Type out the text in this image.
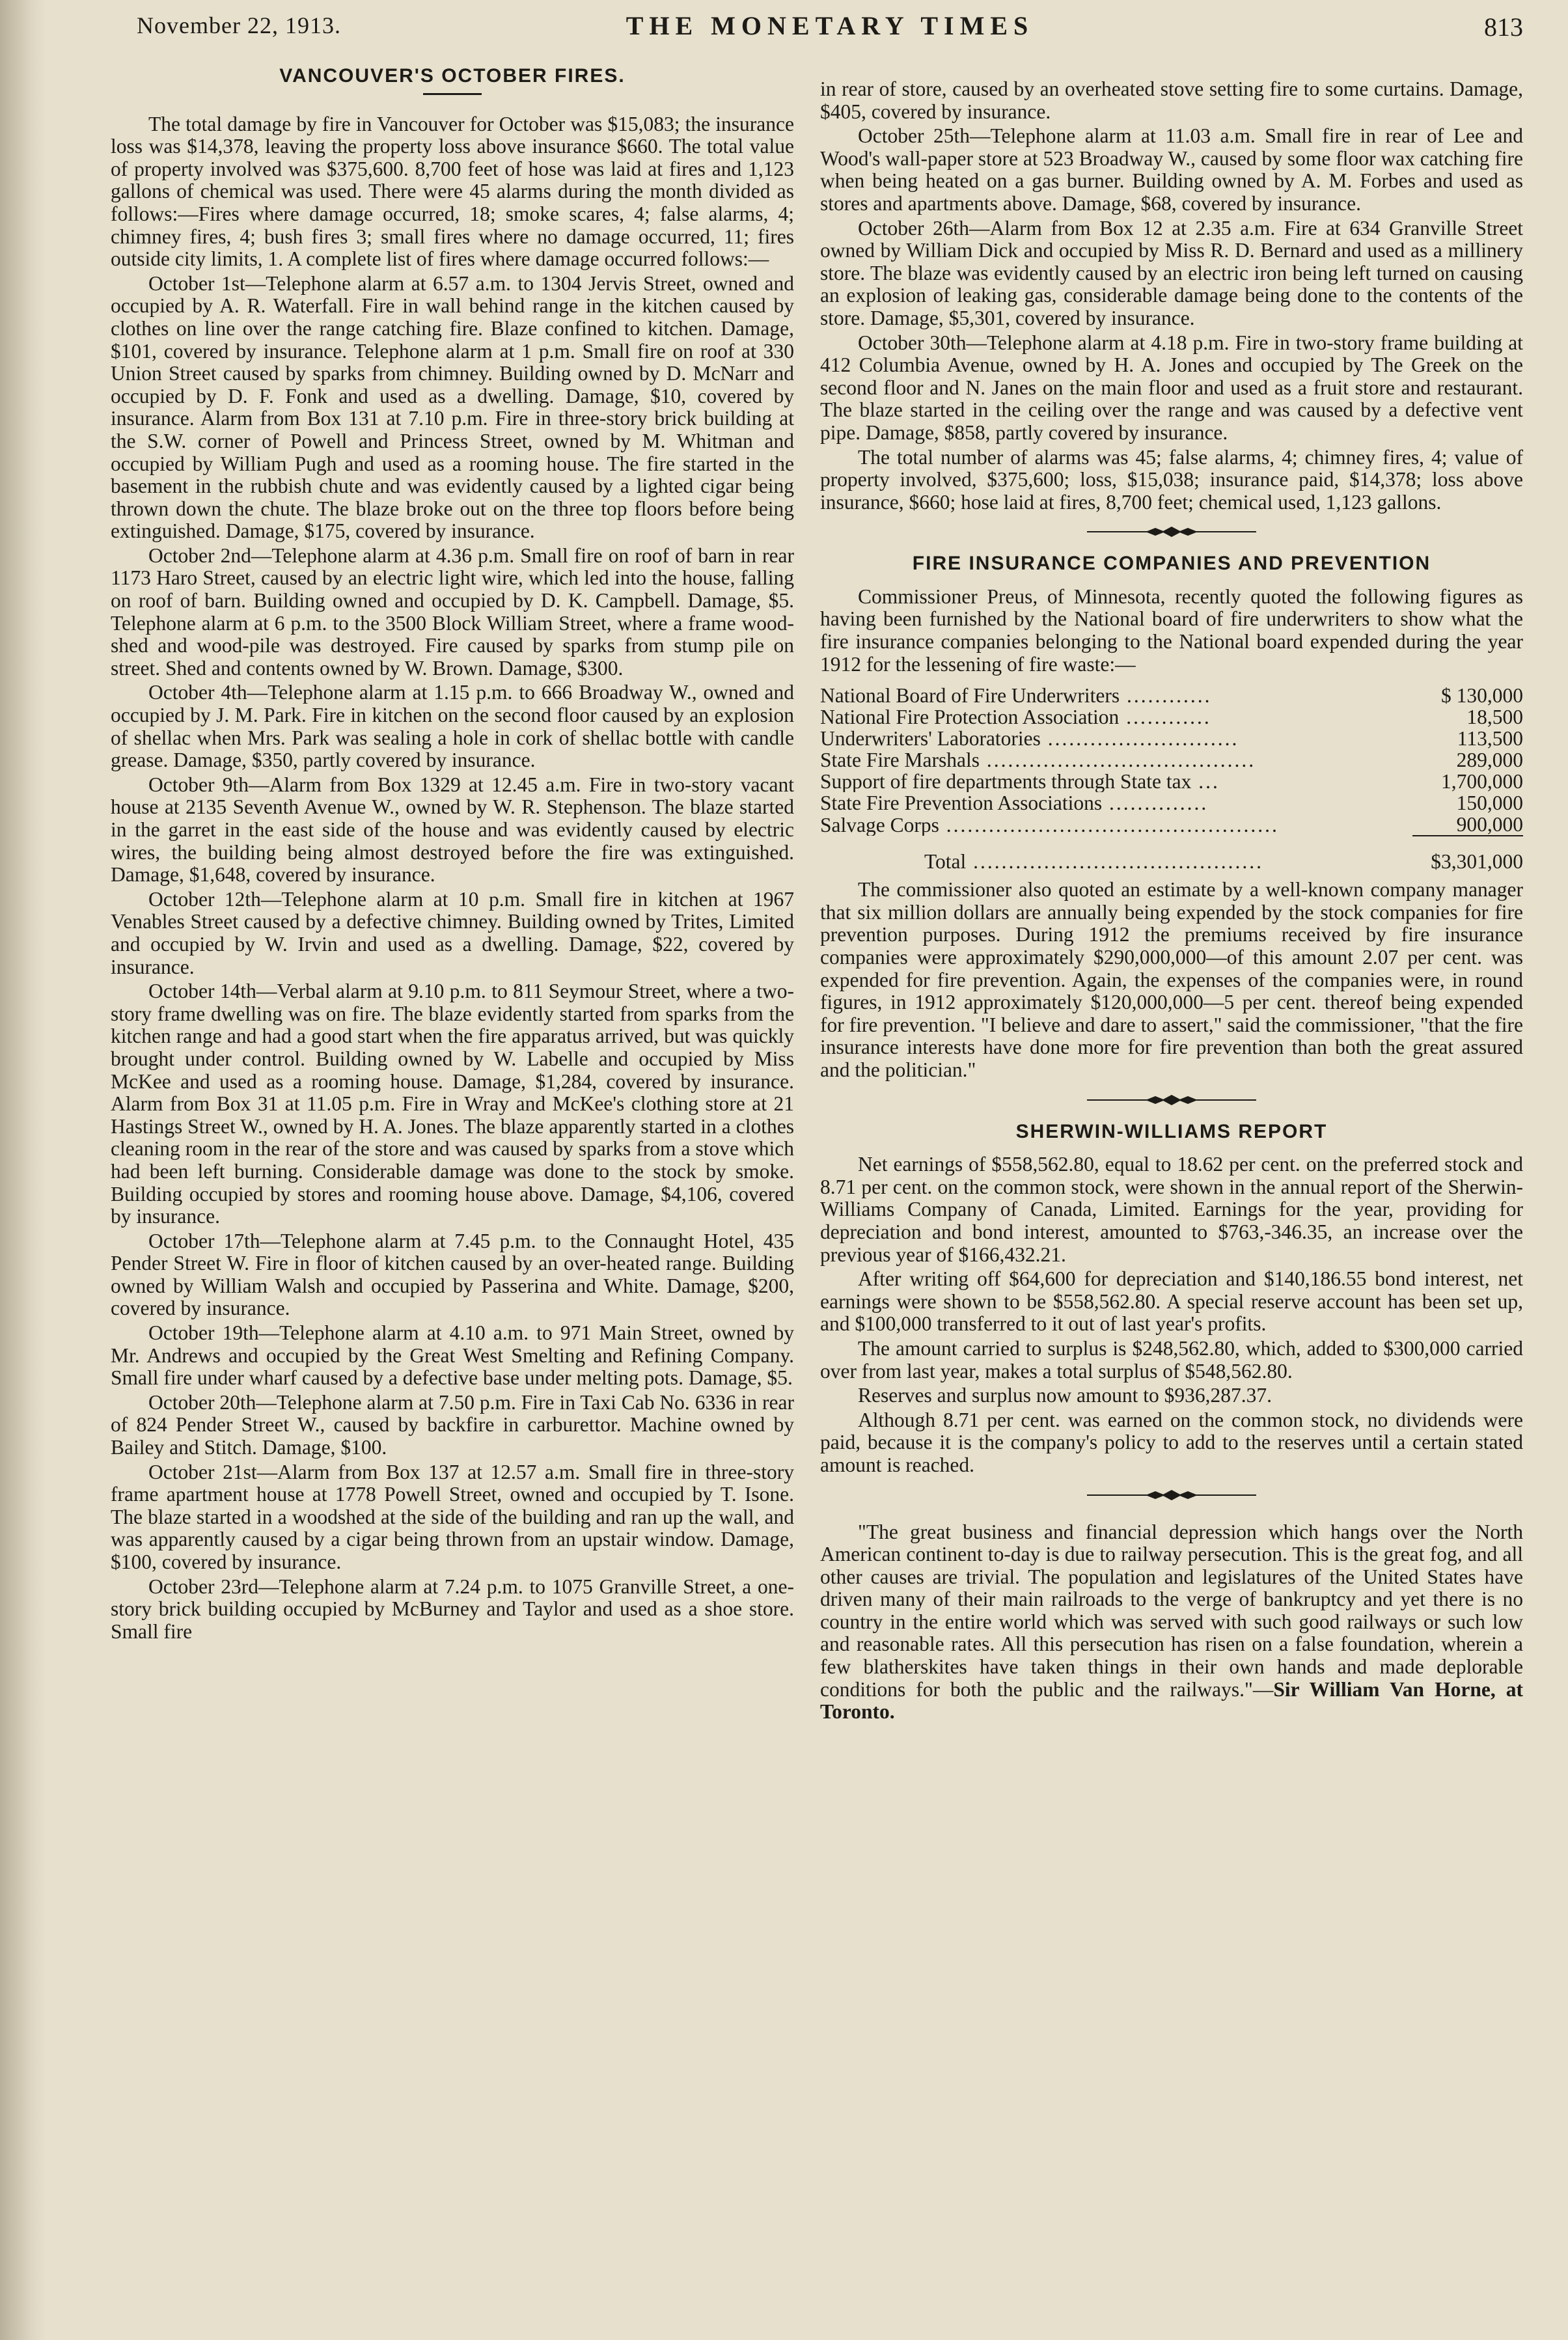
November 22, 1913.	THE MONETARY TIMES	813
VANCOUVER'S OCTOBER FIRES.

The total damage by fire in Vancouver for October was $15,083; the insurance loss was $14,378, leaving the property loss above insurance $660. The total value of property involved was $375,600. 8,700 feet of hose was laid at fires and 1,123 gallons of chemical was used. There were 45 alarms during the month divided as follows:—Fires where damage occurred, 18; smoke scares, 4; false alarms, 4; chimney fires, 4; bush fires 3; small fires where no damage occurred, 11; fires outside city limits, 1. A complete list of fires where damage occurred follows:—

October 1st—Telephone alarm at 6.57 a.m. to 1304 Jervis Street, owned and occupied by A. R. Waterfall. Fire in wall behind range in the kitchen caused by clothes on line over the range catching fire. Blaze confined to kitchen. Damage, $101, covered by insurance. Telephone alarm at 1 p.m. Small fire on roof at 330 Union Street caused by sparks from chimney. Building owned by D. McNarr and occupied by D. F. Fonk and used as a dwelling. Damage, $10, covered by insurance. Alarm from Box 131 at 7.10 p.m. Fire in three-story brick building at the S.W. corner of Powell and Princess Street, owned by M. Whitman and occupied by William Pugh and used as a rooming house. The fire started in the basement in the rubbish chute and was evidently caused by a lighted cigar being thrown down the chute. The blaze broke out on the three top floors before being extinguished. Damage, $175, covered by insurance.

October 2nd—Telephone alarm at 4.36 p.m. Small fire on roof of barn in rear 1173 Haro Street, caused by an electric light wire, which led into the house, falling on roof of barn. Building owned and occupied by D. K. Campbell. Damage, $5. Telephone alarm at 6 p.m. to the 3500 Block William Street, where a frame wood-shed and wood-pile was destroyed. Fire caused by sparks from stump pile on street. Shed and contents owned by W. Brown. Damage, $300.

October 4th—Telephone alarm at 1.15 p.m. to 666 Broadway W., owned and occupied by J. M. Park. Fire in kitchen on the second floor caused by an explosion of shellac when Mrs. Park was sealing a hole in cork of shellac bottle with candle grease. Damage, $350, partly covered by insurance.

October 9th—Alarm from Box 1329 at 12.45 a.m. Fire in two-story vacant house at 2135 Seventh Avenue W., owned by W. R. Stephenson. The blaze started in the garret in the east side of the house and was evidently caused by electric wires, the building being almost destroyed before the fire was extinguished. Damage, $1,648, covered by insurance.

October 12th—Telephone alarm at 10 p.m. Small fire in kitchen at 1967 Venables Street caused by a defective chimney. Building owned by Trites, Limited and occupied by W. Irvin and used as a dwelling. Damage, $22, covered by insurance.

October 14th—Verbal alarm at 9.10 p.m. to 811 Seymour Street, where a two-story frame dwelling was on fire. The blaze evidently started from sparks from the kitchen range and had a good start when the fire apparatus arrived, but was quickly brought under control. Building owned by W. Labelle and occupied by Miss McKee and used as a rooming house. Damage, $1,284, covered by insurance. Alarm from Box 31 at 11.05 p.m. Fire in Wray and McKee's clothing store at 21 Hastings Street W., owned by H. A. Jones. The blaze apparently started in a clothes cleaning room in the rear of the store and was caused by sparks from a stove which had been left burning. Considerable damage was done to the stock by smoke. Building occupied by stores and rooming house above. Damage, $4,106, covered by insurance.

October 17th—Telephone alarm at 7.45 p.m. to the Connaught Hotel, 435 Pender Street W. Fire in floor of kitchen caused by an over-heated range. Building owned by William Walsh and occupied by Passerina and White. Damage, $200, covered by insurance.

October 19th—Telephone alarm at 4.10 a.m. to 971 Main Street, owned by Mr. Andrews and occupied by the Great West Smelting and Refining Company. Small fire under wharf caused by a defective base under melting pots. Damage, $5.

October 20th—Telephone alarm at 7.50 p.m. Fire in Taxi Cab No. 6336 in rear of 824 Pender Street W., caused by backfire in carburettor. Machine owned by Bailey and Stitch. Damage, $100.

October 21st—Alarm from Box 137 at 12.57 a.m. Small fire in three-story frame apartment house at 1778 Powell Street, owned and occupied by T. Isone. The blaze started in a woodshed at the side of the building and ran up the wall, and was apparently caused by a cigar being thrown from an upstair window. Damage, $100, covered by insurance.

October 23rd—Telephone alarm at 7.24 p.m. to 1075 Granville Street, a one-story brick building occupied by McBurney and Taylor and used as a shoe store. Small fire

in rear of store, caused by an overheated stove setting fire to some curtains. Damage, $405, covered by insurance.

October 25th—Telephone alarm at 11.03 a.m. Small fire in rear of Lee and Wood's wall-paper store at 523 Broadway W., caused by some floor wax catching fire when being heated on a gas burner. Building owned by A. M. Forbes and used as stores and apartments above. Damage, $68, covered by insurance.

October 26th—Alarm from Box 12 at 2.35 a.m. Fire at 634 Granville Street owned by William Dick and occupied by Miss R. D. Bernard and used as a millinery store. The blaze was evidently caused by an electric iron being left turned on causing an explosion of leaking gas, considerable damage being done to the contents of the store. Damage, $5,301, covered by insurance.

October 30th—Telephone alarm at 4.18 p.m. Fire in two-story frame building at 412 Columbia Avenue, owned by H. A. Jones and occupied by The Greek on the second floor and N. Janes on the main floor and used as a fruit store and restaurant. The blaze started in the ceiling over the range and was caused by a defective vent pipe. Damage, $858, partly covered by insurance.

The total number of alarms was 45; false alarms, 4; chimney fires, 4; value of property involved, $375,600; loss, $15,038; insurance paid, $14,378; loss above insurance, $660; hose laid at fires, 8,700 feet; chemical used, 1,123 gallons.

FIRE INSURANCE COMPANIES AND PREVENTION

Commissioner Preus, of Minnesota, recently quoted the following figures as having been furnished by the National board of fire underwriters to show what the fire insurance companies belonging to the National board expended during the year 1912 for the lessening of fire waste:—

National Board of Fire Underwriters ............	$ 130,000
National Fire Protection Association ............	18,500
Underwriters' Laboratories ...........................	113,500
State Fire Marshals ......................................	289,000
Support of fire departments through State tax ...	1,700,000
State Fire Prevention Associations ..............	150,000
Salvage Corps ...............................................	900,000
Total .........................................	$3,301,000

The commissioner also quoted an estimate by a well-known company manager that six million dollars are annually being expended by the stock companies for fire prevention purposes. During 1912 the premiums received by fire insurance companies were approximately $290,000,000—of this amount 2.07 per cent. was expended for fire prevention. Again, the expenses of the companies were, in round figures, in 1912 approximately $120,000,000—5 per cent. thereof being expended for fire prevention. "I believe and dare to assert," said the commissioner, "that the fire insurance interests have done more for fire prevention than both the great assured and the politician."

SHERWIN-WILLIAMS REPORT

Net earnings of $558,562.80, equal to 18.62 per cent. on the preferred stock and 8.71 per cent. on the common stock, were shown in the annual report of the Sherwin-Williams Company of Canada, Limited. Earnings for the year, providing for depreciation and bond interest, amounted to $763,-346.35, an increase over the previous year of $166,432.21.

After writing off $64,600 for depreciation and $140,186.55 bond interest, net earnings were shown to be $558,562.80. A special reserve account has been set up, and $100,000 transferred to it out of last year's profits.

The amount carried to surplus is $248,562.80, which, added to $300,000 carried over from last year, makes a total surplus of $548,562.80.

Reserves and surplus now amount to $936,287.37.

Although 8.71 per cent. was earned on the common stock, no dividends were paid, because it is the company's policy to add to the reserves until a certain stated amount is reached.

"The great business and financial depression which hangs over the North American continent to-day is due to railway persecution. This is the great fog, and all other causes are trivial. The population and legislatures of the United States have driven many of their main railroads to the verge of bankruptcy and yet there is no country in the entire world which was served with such good railways or such low and reasonable rates. All this persecution has risen on a false foundation, wherein a few blatherskites have taken things in their own hands and made deplorable conditions for both the public and the railways."—Sir William Van Horne, at Toronto.
